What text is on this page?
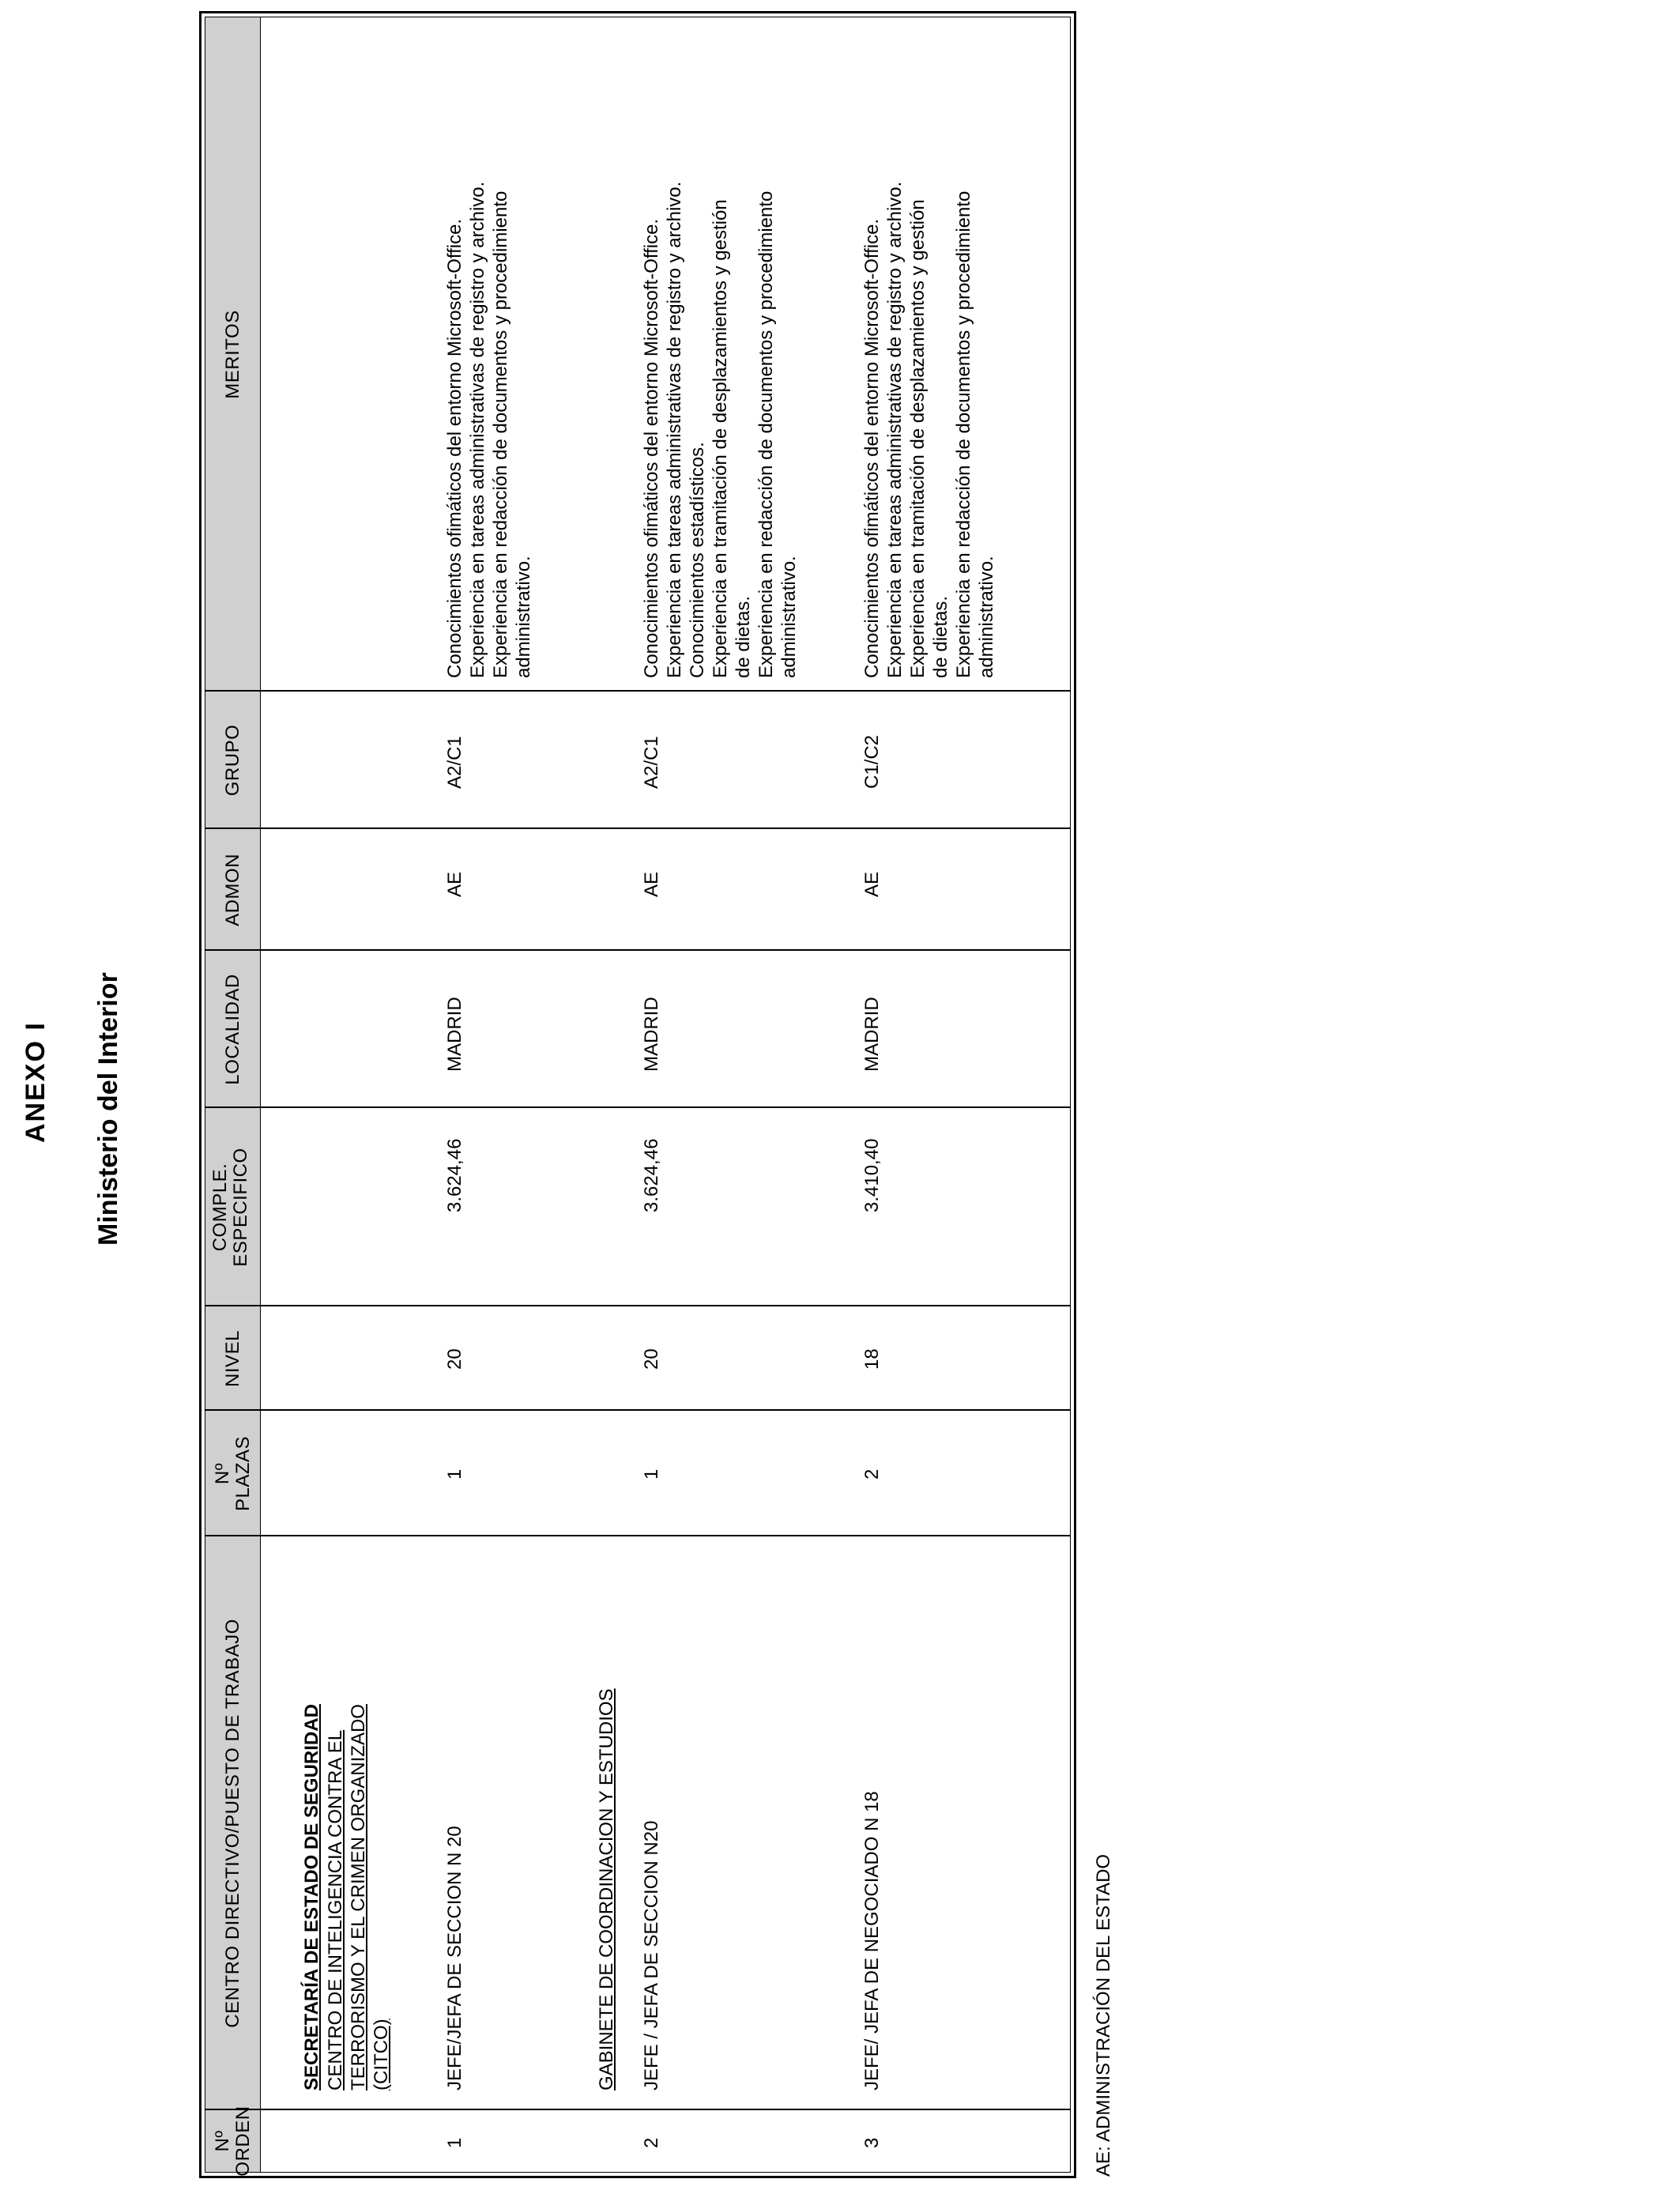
ANEXO I Ministerio del Interior
Nº
ORDEN
CENTRO DIRECTIVO/PUESTO DE TRABAJO
Nº
PLAZAS
NIVEL
COMPLE.
ESPECIFICO
LOCALIDAD
ADMON
GRUPO
MERITOS
SECRETARÍA DE ESTADO DE SEGURIDAD CENTRO DE INTELIGENCIA CONTRA EL TERRORISMO Y EL CRIMEN ORGANIZADO (CITCO)
1
JEFE/JEFA DE SECCION N 20
1
20
3.624,46
MADRID
AE
A2/C1
Conocimientos ofimáticos del entorno Microsoft-Office. Experiencia en tareas administrativas de registro y archivo. Experiencia en redacción de documentos y procedimiento administrativo.
GABINETE DE COORDINACION Y ESTUDIOS
2
JEFE / JEFA DE SECCION N20
1
20
3.624,46
MADRID
AE
A2/C1
Conocimientos ofimáticos del entorno Microsoft-Office. Experiencia en tareas administrativas de registro y archivo. Conocimientos estadísticos. Experiencia en tramitación de desplazamientos y gestión de dietas. Experiencia en redacción de documentos y procedimiento administrativo.
3
JEFE/ JEFA DE NEGOCIADO N 18
2
18
3.410,40
MADRID
AE
C1/C2
Conocimientos ofimáticos del entorno Microsoft-Office. Experiencia en tareas administrativas de registro y archivo. Experiencia en tramitación de desplazamientos y gestión de dietas. Experiencia en redacción de documentos y procedimiento administrativo.
AE: ADMINISTRACIÓN DEL ESTADO
